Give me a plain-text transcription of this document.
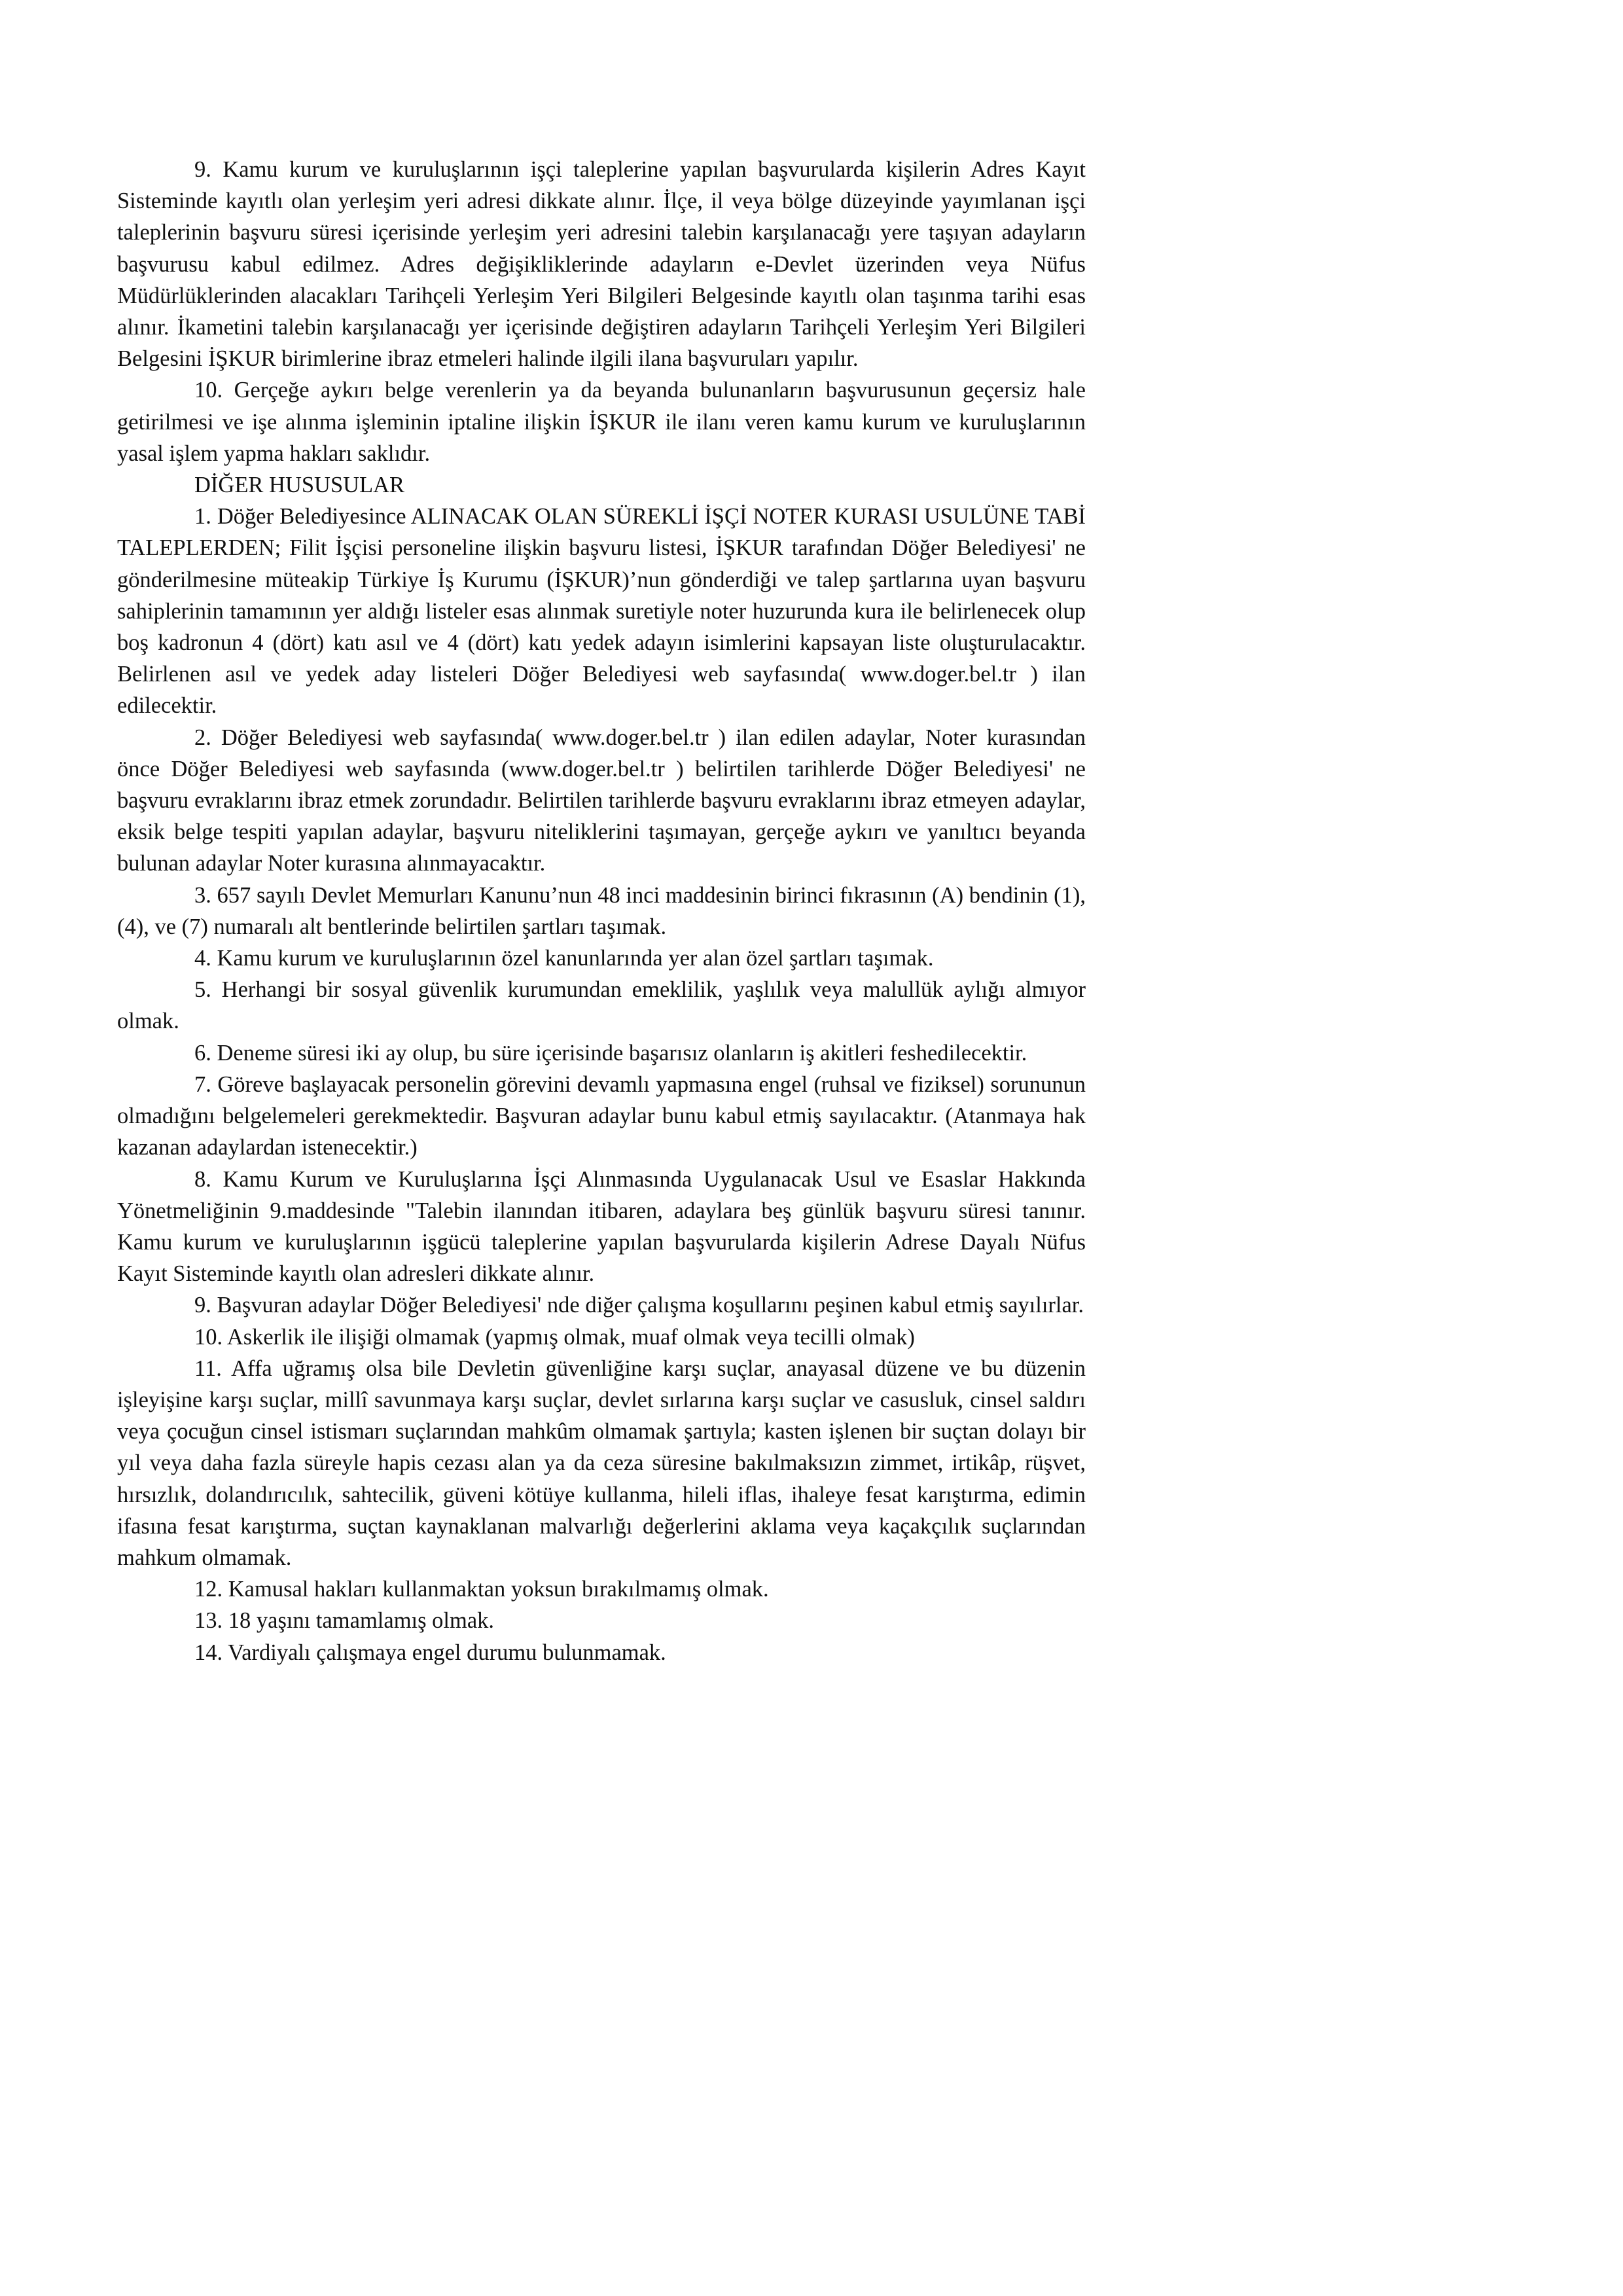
9. Kamu kurum ve kuruluşlarının işçi taleplerine yapılan başvurularda kişilerin Adres Kayıt Sisteminde kayıtlı olan yerleşim yeri adresi dikkate alınır. İlçe, il veya bölge düzeyinde yayımlanan işçi taleplerinin başvuru süresi içerisinde yerleşim yeri adresini talebin karşılanacağı yere taşıyan adayların başvurusu kabul edilmez. Adres değişikliklerinde adayların e-Devlet üzerinden veya Nüfus Müdürlüklerinden alacakları Tarihçeli Yerleşim Yeri Bilgileri Belgesinde kayıtlı olan taşınma tarihi esas alınır. İkametini talebin karşılanacağı yer içerisinde değiştiren adayların Tarihçeli Yerleşim Yeri Bilgileri Belgesini İŞKUR birimlerine ibraz etmeleri halinde ilgili ilana başvuruları yapılır.

10. Gerçeğe aykırı belge verenlerin ya da beyanda bulunanların başvurusunun geçersiz hale getirilmesi ve işe alınma işleminin iptaline ilişkin İŞKUR ile ilanı veren kamu kurum ve kuruluşlarının yasal işlem yapma hakları saklıdır.

DİĞER HUSUSULAR

1. Döğer Belediyesince ALINACAK OLAN SÜREKLİ İŞÇİ NOTER KURASI USULÜNE TABİ TALEPLERDEN; Filit İşçisi personeline ilişkin başvuru listesi, İŞKUR tarafından Döğer Belediyesi' ne gönderilmesine müteakip Türkiye İş Kurumu (İŞKUR)’nun gönderdiği ve talep şartlarına uyan başvuru sahiplerinin tamamının yer aldığı listeler esas alınmak suretiyle noter huzurunda kura ile belirlenecek olup boş kadronun 4 (dört) katı asıl ve 4 (dört) katı yedek adayın isimlerini kapsayan liste oluşturulacaktır. Belirlenen asıl ve yedek aday listeleri Döğer Belediyesi web sayfasında( www.doger.bel.tr ) ilan edilecektir.

2. Döğer Belediyesi web sayfasında( www.doger.bel.tr ) ilan edilen adaylar, Noter kurasından önce Döğer Belediyesi web sayfasında (www.doger.bel.tr ) belirtilen tarihlerde Döğer Belediyesi' ne başvuru evraklarını ibraz etmek zorundadır. Belirtilen tarihlerde başvuru evraklarını ibraz etmeyen adaylar, eksik belge tespiti yapılan adaylar, başvuru niteliklerini taşımayan, gerçeğe aykırı ve yanıltıcı beyanda bulunan adaylar Noter kurasına alınmayacaktır.

3. 657 sayılı Devlet Memurları Kanunu’nun 48 inci maddesinin birinci fıkrasının (A) bendinin (1), (4), ve (7) numaralı alt bentlerinde belirtilen şartları taşımak.

4. Kamu kurum ve kuruluşlarının özel kanunlarında yer alan özel şartları taşımak.

5. Herhangi bir sosyal güvenlik kurumundan emeklilik, yaşlılık veya malullük aylığı almıyor olmak.

6. Deneme süresi iki ay olup, bu süre içerisinde başarısız olanların iş akitleri feshedilecektir.

7. Göreve başlayacak personelin görevini devamlı yapmasına engel (ruhsal ve fiziksel) sorununun olmadığını belgelemeleri gerekmektedir. Başvuran adaylar bunu kabul etmiş sayılacaktır. (Atanmaya hak kazanan adaylardan istenecektir.)

8. Kamu Kurum ve Kuruluşlarına İşçi Alınmasında Uygulanacak Usul ve Esaslar Hakkında Yönetmeliğinin 9.maddesinde "Talebin ilanından itibaren, adaylara beş günlük başvuru süresi tanınır. Kamu kurum ve kuruluşlarının işgücü taleplerine yapılan başvurularda kişilerin Adrese Dayalı Nüfus Kayıt Sisteminde kayıtlı olan adresleri dikkate alınır.

9. Başvuran adaylar Döğer Belediyesi' nde diğer çalışma koşullarını peşinen kabul etmiş sayılırlar.

10. Askerlik ile ilişiği olmamak (yapmış olmak, muaf olmak veya tecilli olmak)

11. Affa uğramış olsa bile Devletin güvenliğine karşı suçlar, anayasal düzene ve bu düzenin işleyişine karşı suçlar, millî savunmaya karşı suçlar, devlet sırlarına karşı suçlar ve casusluk, cinsel saldırı veya çocuğun cinsel istismarı suçlarından mahkûm olmamak şartıyla; kasten işlenen bir suçtan dolayı bir yıl veya daha fazla süreyle hapis cezası alan ya da ceza süresine bakılmaksızın zimmet, irtikâp, rüşvet, hırsızlık, dolandırıcılık, sahtecilik, güveni kötüye kullanma, hileli iflas, ihaleye fesat karıştırma, edimin ifasına fesat karıştırma, suçtan kaynaklanan malvarlığı değerlerini aklama veya kaçakçılık suçlarından mahkum olmamak.

12. Kamusal hakları kullanmaktan yoksun bırakılmamış olmak.

13. 18 yaşını tamamlamış olmak.

14. Vardiyalı çalışmaya engel durumu bulunmamak.
